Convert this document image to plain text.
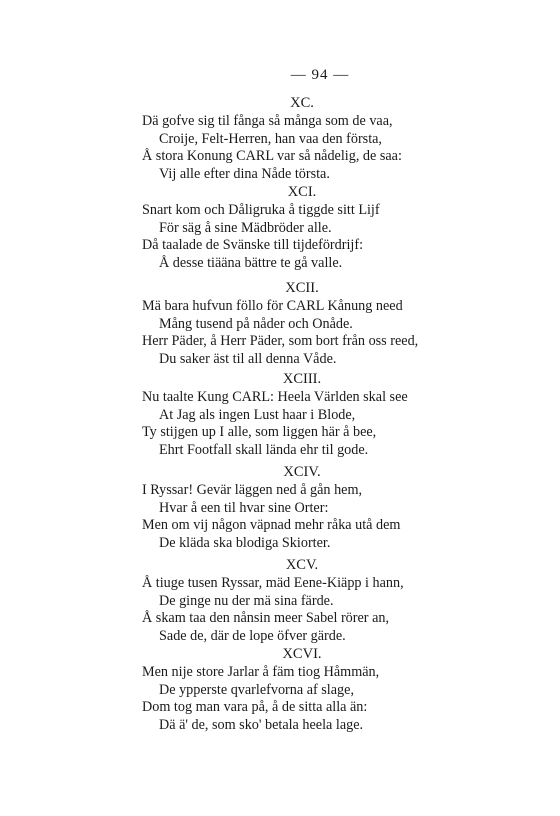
— 94 —
XC.
Dä gofve sig til fånga så många som de vaa,
Croije, Felt-Herren, han vaa den första,
Å stora Konung CARL var så nådelig, de saa:
Vij alle efter dina Nåde törsta.
XCI.
Snart kom och Dåligruka å tiggde sitt Lijf
För säg å sine Mädbröder alle.
Då taalade de Svänske till tijdefördrijf:
Å desse tiääna bättre te gå valle.
XCII.
Mä bara hufvun föllo för CARL Kånung need
Mång tusend på nåder och Onåde.
Herr Päder, å Herr Päder, som bort från oss reed,
Du saker äst til all denna Våde.
XCIII.
Nu taalte Kung CARL: Heela Världen skal see
At Jag als ingen Lust haar i Blode,
Ty stijgen up I alle, som liggen här å bee,
Ehrt Footfall skall lända ehr til gode.
XCIV.
I Ryssar! Gevär läggen ned å gån hem,
Hvar å een til hvar sine Orter:
Men om vij någon väpnad mehr råka utå dem
De kläda ska blodiga Skiorter.
XCV.
Å tiuge tusen Ryssar, mäd Eene-Kiäpp i hann,
De ginge nu der mä sina färde.
Å skam taa den nånsin meer Sabel rörer an,
Sade de, där de lope öfver gärde.
XCVI.
Men nije store Jarlar å fäm tiog Håmmän,
De ypperste qvarlefvorna af slage,
Dom tog man vara på, å de sitta alla än:
Dä ä' de, som sko' betala heela lage.
